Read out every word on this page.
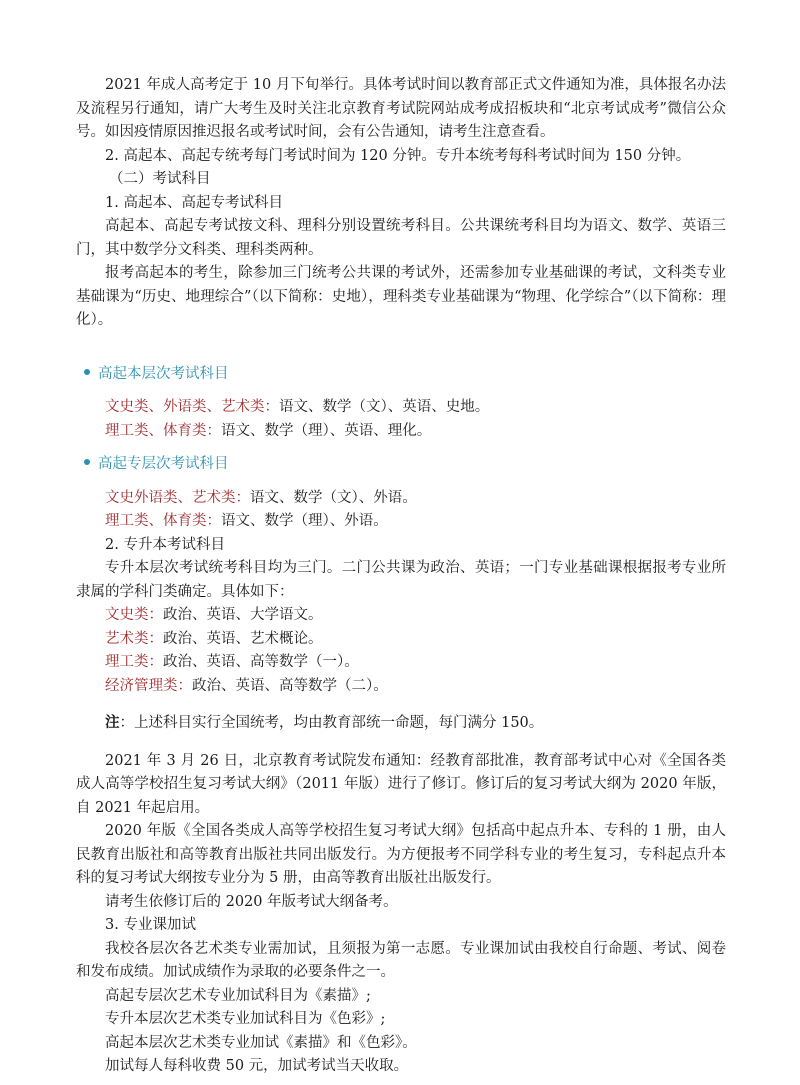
2021 年成人高考定于 10 月下旬举行。具体考试时间以教育部正式文件通知为准，具体报名办法及流程另行通知，请广大考生及时关注北京教育考试院网站成考成招板块和“北京考试成考”微信公众号。如因疫情原因推迟报名或考试时间，会有公告通知，请考生注意查看。

2. 高起本、高起专统考每门考试时间为 120 分钟。专升本统考每科考试时间为 150 分钟。

（二）考试科目

1. 高起本、高起专考试科目

高起本、高起专考试按文科、理科分别设置统考科目。公共课统考科目均为语文、数学、英语三门，其中数学分文科类、理科类两种。

报考高起本的考生，除参加三门统考公共课的考试外，还需参加专业基础课的考试，文科类专业基础课为“历史、地理综合”（以下简称：史地），理科类专业基础课为“物理、化学综合”（以下简称：理化）。

高起本层次考试科目

文史类、外语类、艺术类：语文、数学（文）、英语、史地。

理工类、体育类：语文、数学（理）、英语、理化。

高起专层次考试科目

文史外语类、艺术类：语文、数学（文）、外语。

理工类、体育类：语文、数学（理）、外语。

2. 专升本考试科目

专升本层次考试统考科目均为三门。二门公共课为政治、英语；一门专业基础课根据报考专业所隶属的学科门类确定。具体如下：

文史类：政治、英语、大学语文。

艺术类：政治、英语、艺术概论。

理工类：政治、英语、高等数学（一）。

经济管理类：政治、英语、高等数学（二）。

注：上述科目实行全国统考，均由教育部统一命题，每门满分 150。

2021 年 3 月 26 日，北京教育考试院发布通知：经教育部批准，教育部考试中心对《全国各类成人高等学校招生复习考试大纲》（2011 年版）进行了修订。修订后的复习考试大纲为 2020 年版，自 2021 年起启用。

2020 年版《全国各类成人高等学校招生复习考试大纲》包括高中起点升本、专科的 1 册，由人民教育出版社和高等教育出版社共同出版发行。为方便报考不同学科专业的考生复习，专科起点升本科的复习考试大纲按专业分为 5 册，由高等教育出版社出版发行。

请考生依修订后的 2020 年版考试大纲备考。

3. 专业课加试

我校各层次各艺术类专业需加试，且须报为第一志愿。专业课加试由我校自行命题、考试、阅卷和发布成绩。加试成绩作为录取的必要条件之一。

高起专层次艺术专业加试科目为《素描》;

专升本层次艺术类专业加试科目为《色彩》;

高起本层次艺术类专业加试《素描》和《色彩》。

加试每人每科收费 50 元，加试考试当天收取。
